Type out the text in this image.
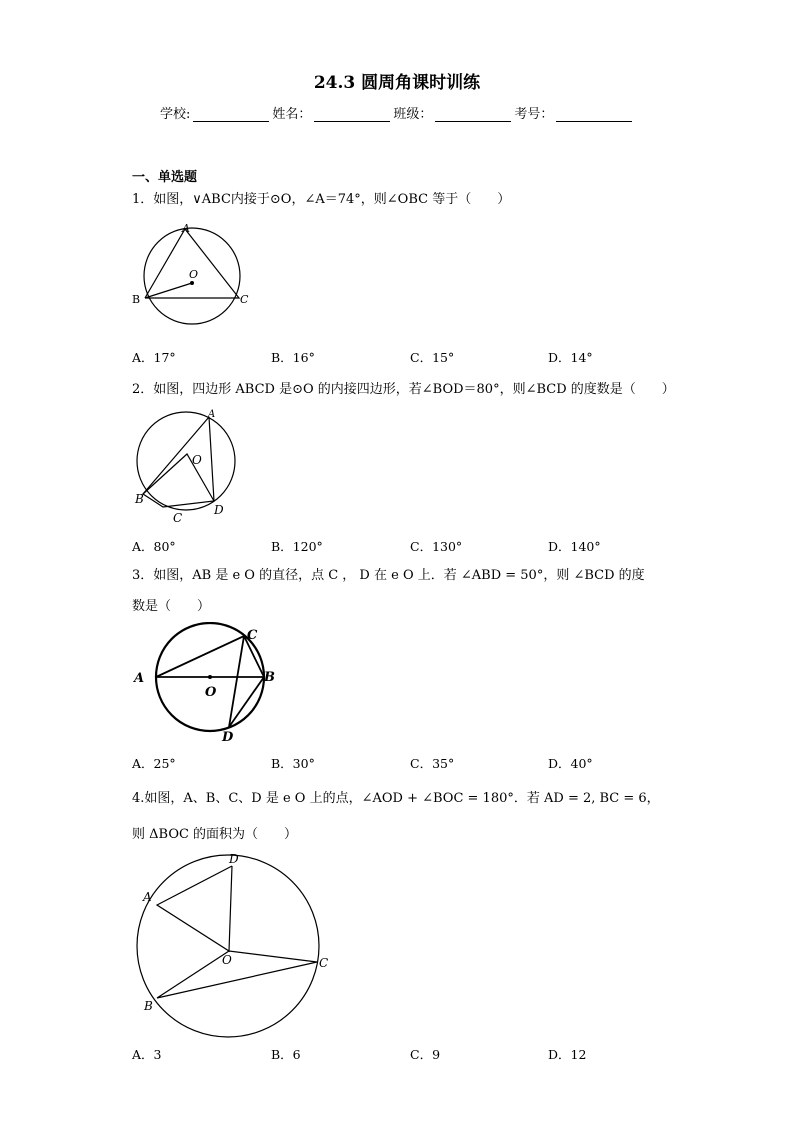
24.3 圆周角课时训练
学校:	姓名：	班级：	考号：
一、单选题
1．如图，∨ABC内接于⊙O，∠A＝74°，则∠OBC 等于（　　）
A
B	C
O
A．17°	B．16°	C．15°	D．14°
2．如图，四边形 ABCD 是⊙O 的内接四边形，若∠BOD＝80°，则∠BCD 的度数是（　　）
A
B
C
D
O
A．80°	B．120°	C．130°	D．140°
3．如图，AB 是 e O 的直径，点 C ， D 在 e O 上．若 ∠ABD = 50°，则 ∠BCD 的度
数是（　　）
A	B
C
D
O
A．25°	B．30°	C．35°	D．40°
4.如图，A、B、C、D 是 e O 上的点，∠AOD + ∠BOC = 180°．若 AD = 2, BC = 6，
则 ΔBOC 的面积为（　　）
D
A
O	C
B
A．3	B．6	C．9	D．12
